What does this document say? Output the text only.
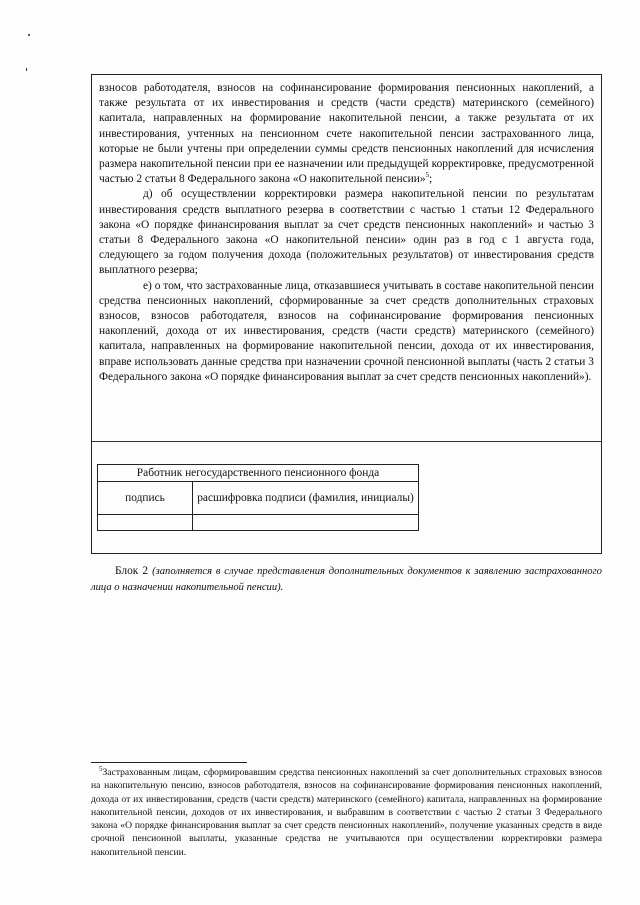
взносов работодателя, взносов на софинансирование формирования пенсионных накоплений, а также результата от их инвестирования и средств (части средств) материнского (семейного) капитала, направленных на формирование накопительной пенсии, а также результата от их инвестирования, учтенных на пенсионном счете накопительной пенсии застрахованного лица, которые не были учтены при определении суммы средств пенсионных накоплений для исчисления размера накопительной пенсии при ее назначении или предыдущей корректировке, предусмотренной частью 2 статьи 8 Федерального закона «О накопительной пенсии»$^5$;

д) об осуществлении корректировки размера накопительной пенсии по результатам инвестирования средств выплатного резерва в соответствии с частью 1 статьи 12 Федерального закона «О порядке финансирования выплат за счет средств пенсионных накоплений» и частью 3 статьи 8 Федерального закона «О накопительной пенсии» один раз в год с 1 августа года, следующего за годом получения дохода (положительных результатов) от инвестирования средств выплатного резерва;

е) о том, что застрахованные лица, отказавшиеся учитывать в составе накопительной пенсии средства пенсионных накоплений, сформированные за счет средств дополнительных страховых взносов, взносов работодателя, взносов на софинансирование формирования пенсионных накоплений, дохода от их инвестирования, средств (части средств) материнского (семейного) капитала, направленных на формирование накопительной пенсии, дохода от их инвестирования, вправе использовать данные средства при назначении срочной пенсионной выплаты (часть 2 статьи 3 Федерального закона «О порядке финансирования выплат за счет средств пенсионных накоплений»).

Работник негосударственного пенсионного фонда	
подпись	расшифровка подписи (фамилия, инициалы)

Блок 2 (заполняется в случае представления дополнительных документов к заявлению застрахованного лица о назначении накопительной пенсии).
$^5$Застрахованным лицам, сформировавшим средства пенсионных накоплений за счет дополнительных страховых взносов на накопительную пенсию, взносов работодателя, взносов на софинансирование формирования пенсионных накоплений, дохода от их инвестирования, средств (части средств) материнского (семейного) капитала, направленных на формирование накопительной пенсии, доходов от их инвестирования, и выбравшим в соответствии с частью 2 статьи 3 Федерального закона «О порядке финансирования выплат за счет средств пенсионных накоплений», получение указанных средств в виде срочной пенсионной выплаты, указанные средства не учитываются при осуществлении корректировки размера накопительной пенсии.
